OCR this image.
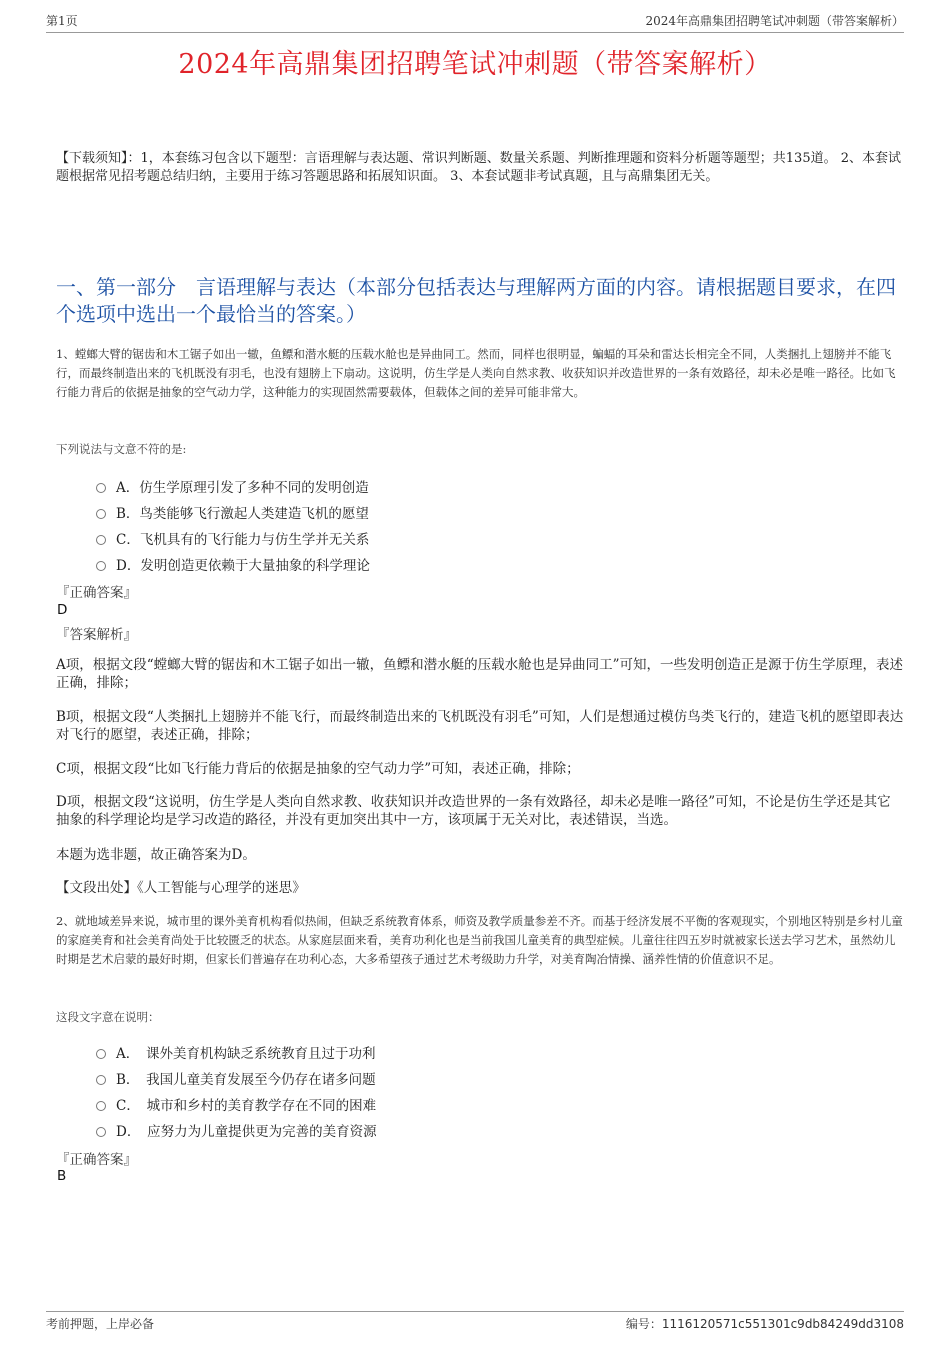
第1页	2024年高鼎集团招聘笔试冲刺题（带答案解析）
2024年高鼎集团招聘笔试冲刺题（带答案解析）
【下载须知】：1，本套练习包含以下题型：言语理解与表达题、常识判断题、数量关系题、判断推理题和资料分析题等题型；共135道。 2、本套试题根据常见招考题总结归纳，主要用于练习答题思路和拓展知识面。 3、本套试题非考试真题，且与高鼎集团无关。
一、第一部分　言语理解与表达（本部分包括表达与理解两方面的内容。请根据题目要求，在四个选项中选出一个最恰当的答案。）
1、螳螂大臂的锯齿和木工锯子如出一辙，鱼鳔和潜水艇的压载水舱也是异曲同工。然而，同样也很明显，蝙蝠的耳朵和雷达长相完全不同，人类捆扎上翅膀并不能飞行，而最终制造出来的飞机既没有羽毛，也没有翅膀上下扇动。这说明，仿生学是人类向自然求教、收获知识并改造世界的一条有效路径，却未必是唯一路径。比如飞行能力背后的依据是抽象的空气动力学，这种能力的实现固然需要载体，但载体之间的差异可能非常大。
下列说法与文意不符的是:
A．仿生学原理引发了多种不同的发明创造
B．鸟类能够飞行激起人类建造飞机的愿望
C．飞机具有的飞行能力与仿生学并无关系
D．发明创造更依赖于大量抽象的科学理论
『正确答案』
D
『答案解析』
A项，根据文段“螳螂大臂的锯齿和木工锯子如出一辙，鱼鳔和潜水艇的压载水舱也是异曲同工”可知，一些发明创造正是源于仿生学原理，表述正确，排除；
B项，根据文段“人类捆扎上翅膀并不能飞行，而最终制造出来的飞机既没有羽毛”可知，人们是想通过模仿鸟类飞行的，建造飞机的愿望即表达对飞行的愿望，表述正确，排除；
C项，根据文段“比如飞行能力背后的依据是抽象的空气动力学”可知，表述正确，排除；
D项，根据文段“这说明，仿生学是人类向自然求教、收获知识并改造世界的一条有效路径，却未必是唯一路径”可知，不论是仿生学还是其它抽象的科学理论均是学习改造的路径，并没有更加突出其中一方，该项属于无关对比，表述错误，当选。
本题为选非题，故正确答案为D。
【文段出处】《人工智能与心理学的迷思》
2、就地域差异来说，城市里的课外美育机构看似热闹，但缺乏系统教育体系，师资及教学质量参差不齐。而基于经济发展不平衡的客观现实，个别地区特别是乡村儿童的家庭美育和社会美育尚处于比较匮乏的状态。从家庭层面来看，美育功利化也是当前我国儿童美育的典型症候。儿童往往四五岁时就被家长送去学习艺术，虽然幼儿时期是艺术启蒙的最好时期，但家长们普遍存在功利心态，大多希望孩子通过艺术考级助力升学，对美育陶冶情操、涵养性情的价值意识不足。
这段文字意在说明：
A．　课外美育机构缺乏系统教育且过于功利
B．　我国儿童美育发展至今仍存在诸多问题
C．　城市和乡村的美育教学存在不同的困难
D．　应努力为儿童提供更为完善的美育资源
『正确答案』
B
考前押题，上岸必备	编号：1116120571c551301c9db84249dd3108
